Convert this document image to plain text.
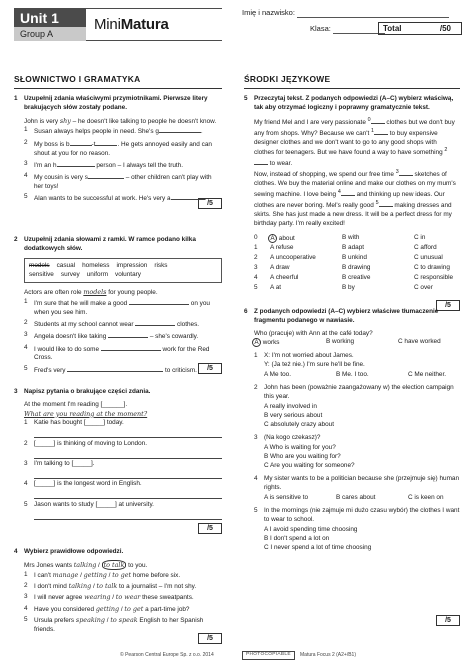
Unit 1
Group A
MiniMatura
Imię i nazwisko:
Klasa:	Total	/50
SŁOWNICTWO I GRAMATYKA	ŚRODKI JĘZYKOWE
1 Uzupełnij zdania właściwymi przymiotnikami. Pierwsze litery brakujących słów zostały podane.
John is very shy – he doesn't like talking to people he doesn't know.
1 Susan always helps people in need. She's g	.
2 My boss is b	-t	. He gets annoyed easily and can shout at you for no reason.
3 I'm an h	person – I always tell the truth.
4 My cousin is very s	– other children can't play with her toys!
5 Alan wants to be successful at work. He's very a	.
/5
2 Uzupełnij zdania słowami z ramki. W ramce podano kilka dodatkowych słów.
models casual homeless impression risks
sensitive survey uniform voluntary
Actors are often role models for young people.
1 I'm sure that he will make a good	on you when you see him.
2 Students at my school cannot wear	clothes.
3 Angela doesn't like taking	– she's cowardly.
4 I would like to do some	work for the Red Cross.
5 Fred's very	to criticism.	/5
3 Napisz pytania o brakujące części zdania.
At the moment I'm reading [______].
What are you reading at the moment?
1 Katie has bought [_____] today.
2 [_____] is thinking of moving to London.
3 I'm talking to [_____].
4 [_____] is the longest word in English.
5 Jason wants to study [_____] at university.
/5
4 Wybierz prawidłowe odpowiedzi.
Mrs Jones wants talking / to talk to you.
1 I can't manage / getting / to get home before six.
2 I don't mind talking / to talk to a journalist – I'm not shy.
3 I will never agree wearing / to wear these sweatpants.
4 Have you considered getting / to get a part-time job?
5 Ursula prefers speaking / to speak English to her Spanish friends.
/5
5 Przeczytaj tekst. Z podanych odpowiedzi (A–C) wybierz właściwą, tak aby otrzymać logiczny i poprawny gramatycznie tekst.
My friend Mel and I are very passionate $^0$ clothes but we don't buy any from shops. Why? Because we can't $^1$ to buy expensive designer clothes and we don't want to go to any good shops with clothes for teenagers. But we have found a way to have something $^2$ to wear.
Now, instead of shopping, we spend our free time $^3$ sketches of clothes. We buy the material online and make our clothes on my mum's sewing machine. I love being $^4$ and thinking up new ideas. Our clothes are never boring. Mel's really good $^5$ making dresses and skirts. She has just made a new dress. It will be a perfect dress for my birthday party. I'm really excited!
0	A about	B with	C in
1	A refuse	B adapt	C afford
2	A uncooperative	B unkind	C unusual
3	A draw	B drawing	C to drawing
4	A cheerful	B creative	C responsible
5	A at	B by	C over
/5
6 Z podanych odpowiedzi (A–C) wybierz właściwe tłumaczenie fragmentu podanego w nawiasie.
Who (pracuje) with Ann at the café today?
A works	B working	C have worked
1 X: I'm not worried about James.
Y: (Ja też nie.) I'm sure he'll be fine.
A Me too.	B Me. I too.	C Me neither.
2 John has been (poważnie zaangażowany w) the election campaign this year.
A really involved in
B very serious about
C absolutely crazy about
3 (Na kogo czekasz)?
A Who is waiting for you?
B Who are you waiting for?
C Are you waiting for someone?
4 My sister wants to be a politician because she (przejmuje się) human rights.
A is sensitive to	B cares about	C is keen on
5 In the mornings (nie zajmuje mi dużo czasu wybór) the clothes I want to wear to school.
A I avoid spending time choosing
B I don't spend a lot on
C I never spend a lot of time choosing
/5
© Pearson Central Europe Sp. z o.o. 2014	PHOTOCOPIABLE	Matura Focus 2 (A2+/B1)
